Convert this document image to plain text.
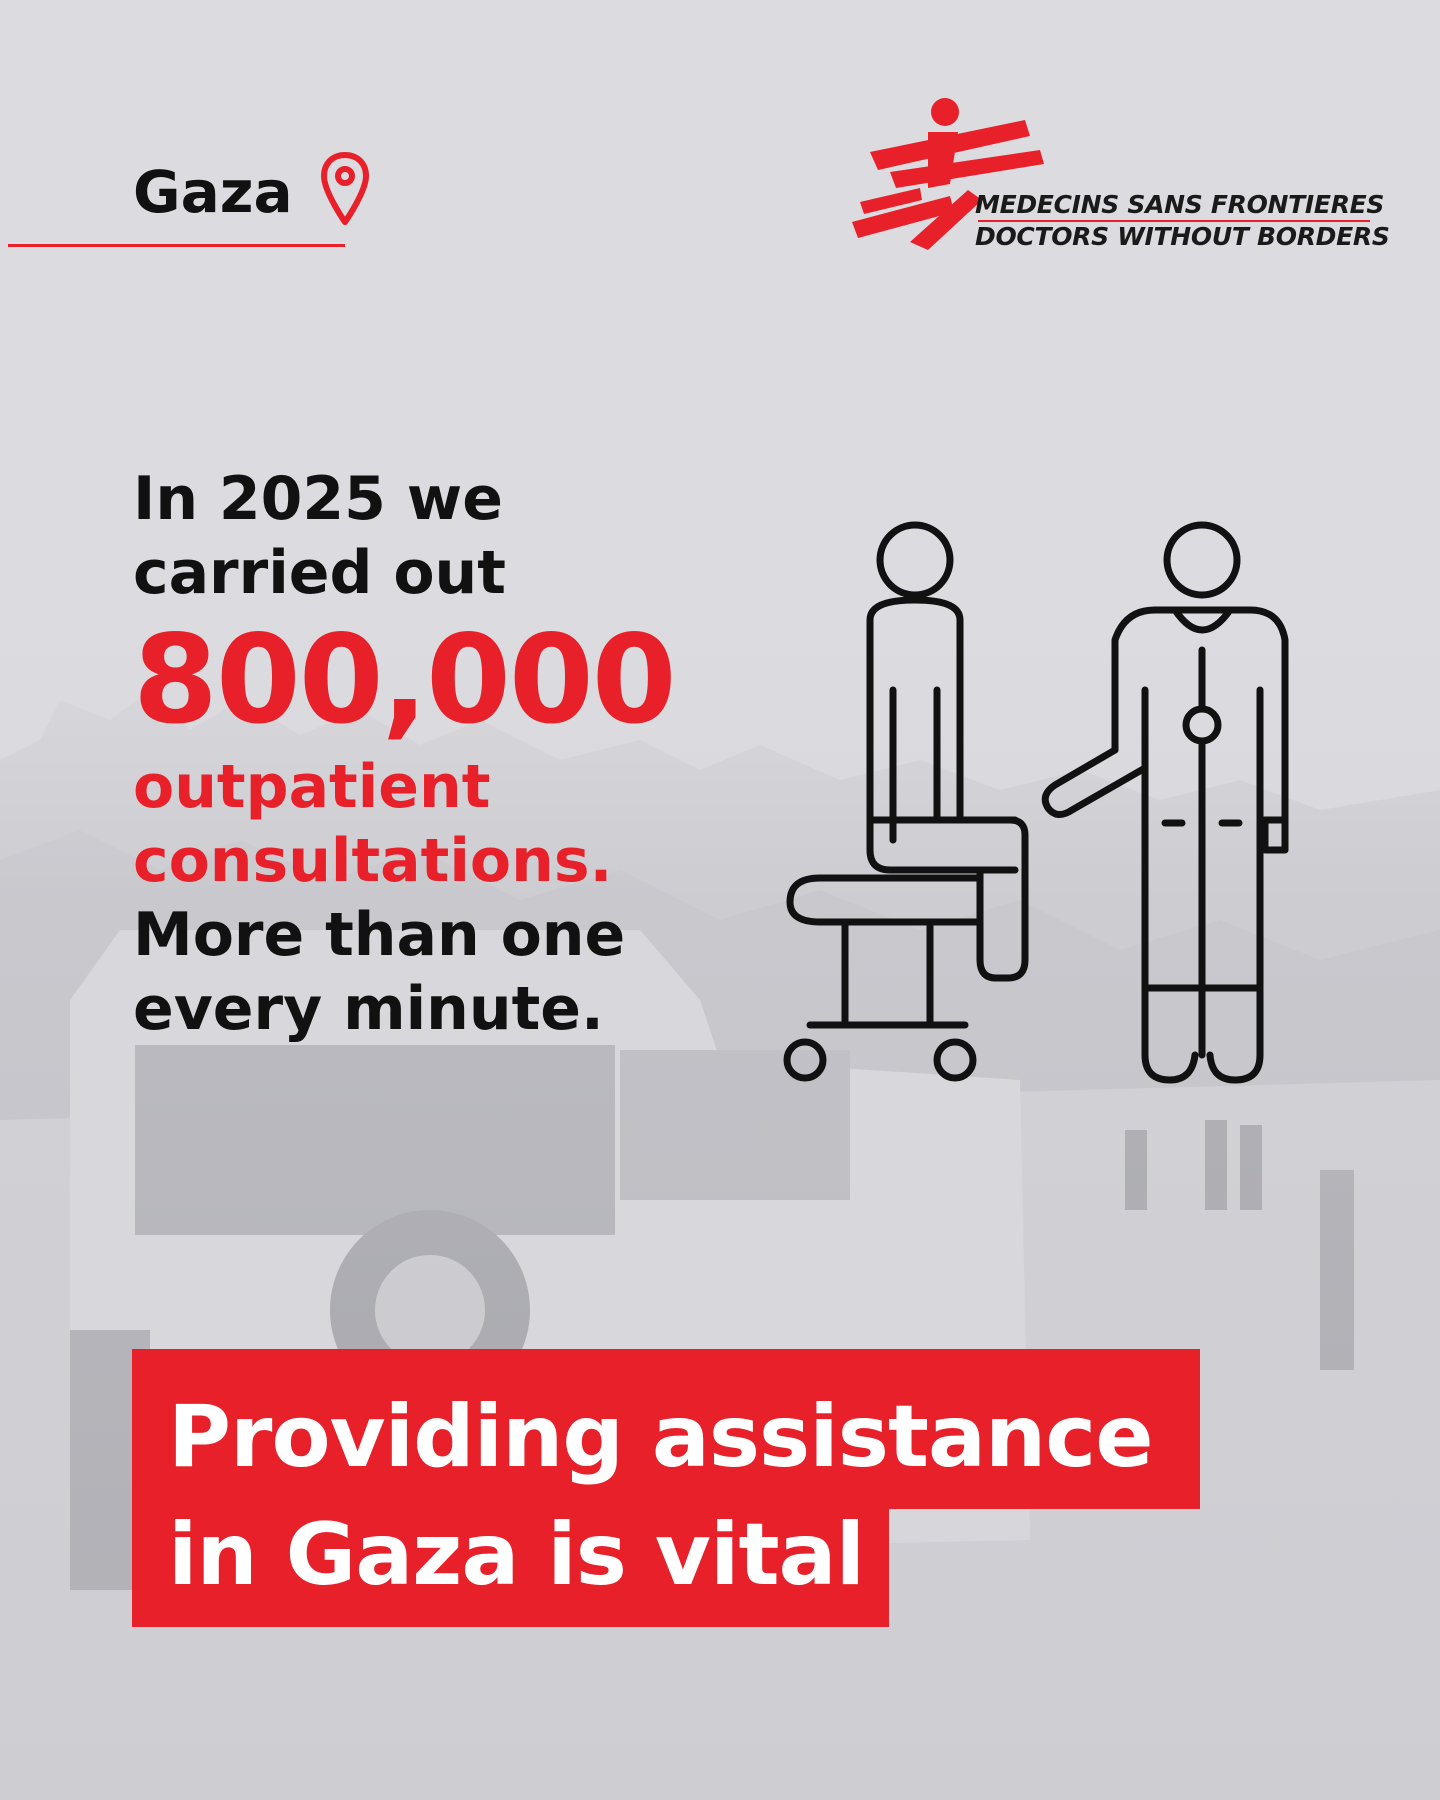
Gaza	MEDECINS SANS FRONTIERES
DOCTORS WITHOUT BORDERS

In 2025 we

carried out

800,000

outpatient

consultations.

More than one

every minute.

Providing assistance
in Gaza is vital
